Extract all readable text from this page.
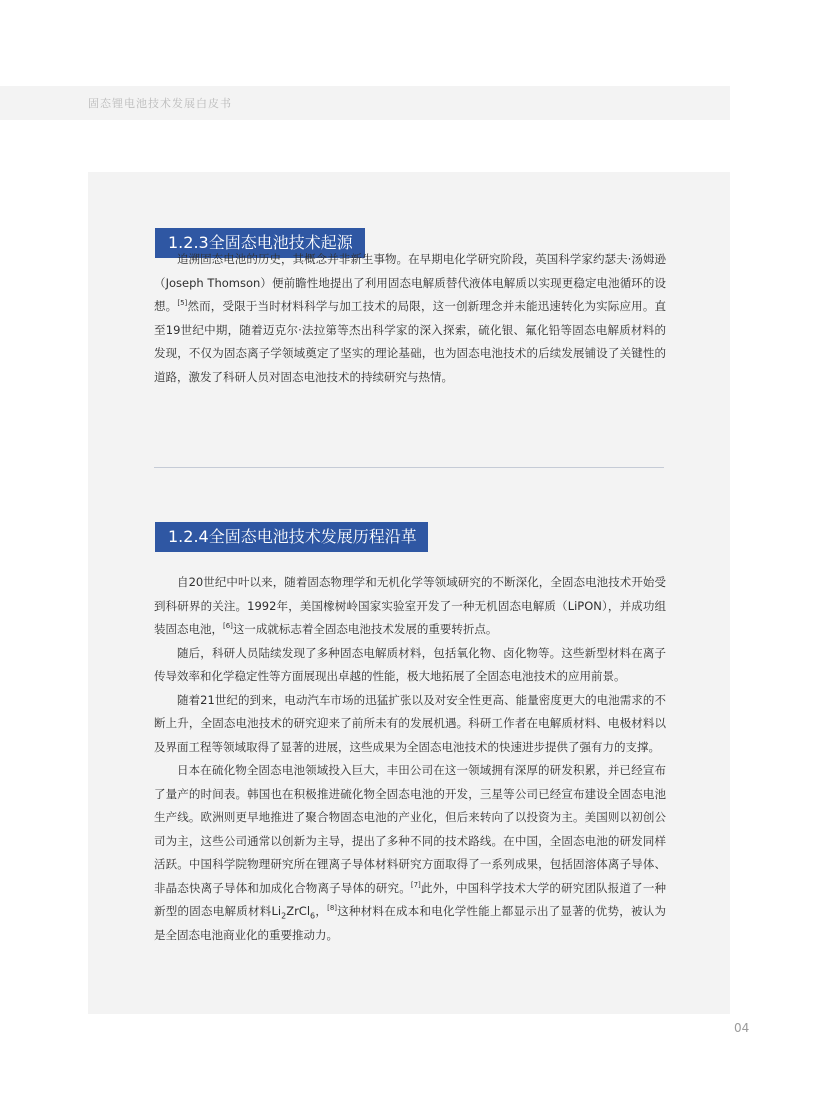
固态锂电池技术发展白皮书
1.2.3全固态电池技术起源

追溯固态电池的历史，其概念并非新生事物。在早期电化学研究阶段，英国科学家约瑟夫·汤姆逊（Joseph Thomson）便前瞻性地提出了利用固态电解质替代液体电解质以实现更稳定电池循环的设想。[5]然而，受限于当时材料科学与加工技术的局限，这一创新理念并未能迅速转化为实际应用。直至19世纪中期，随着迈克尔·法拉第等杰出科学家的深入探索，硫化银、氟化铅等固态电解质材料的发现，不仅为固态离子学领域奠定了坚实的理论基础，也为固态电池技术的后续发展铺设了关键性的道路，激发了科研人员对固态电池技术的持续研究与热情。

1.2.4全固态电池技术发展历程沿革

自20世纪中叶以来，随着固态物理学和无机化学等领域研究的不断深化，全固态电池技术开始受到科研界的关注。1992年，美国橡树岭国家实验室开发了一种无机固态电解质（LiPON），并成功组装固态电池，[6]这一成就标志着全固态电池技术发展的重要转折点。

随后，科研人员陆续发现了多种固态电解质材料，包括氧化物、卤化物等。这些新型材料在离子传导效率和化学稳定性等方面展现出卓越的性能，极大地拓展了全固态电池技术的应用前景。

随着21世纪的到来，电动汽车市场的迅猛扩张以及对安全性更高、能量密度更大的电池需求的不断上升，全固态电池技术的研究迎来了前所未有的发展机遇。科研工作者在电解质材料、电极材料以及界面工程等领域取得了显著的进展，这些成果为全固态电池技术的快速进步提供了强有力的支撑。

日本在硫化物全固态电池领域投入巨大，丰田公司在这一领域拥有深厚的研发积累，并已经宣布了量产的时间表。韩国也在积极推进硫化物全固态电池的开发，三星等公司已经宣布建设全固态电池生产线。欧洲则更早地推进了聚合物固态电池的产业化，但后来转向了以投资为主。美国则以初创公司为主，这些公司通常以创新为主导，提出了多种不同的技术路线。在中国，全固态电池的研发同样活跃。中国科学院物理研究所在锂离子导体材料研究方面取得了一系列成果，包括固溶体离子导体、非晶态快离子导体和加成化合物离子导体的研究。[7]此外，中国科学技术大学的研究团队报道了一种新型的固态电解质材料$Li_2ZrCl_6$，[8]这种材料在成本和电化学性能上都显示出了显著的优势，被认为是全固态电池商业化的重要推动力。

04
